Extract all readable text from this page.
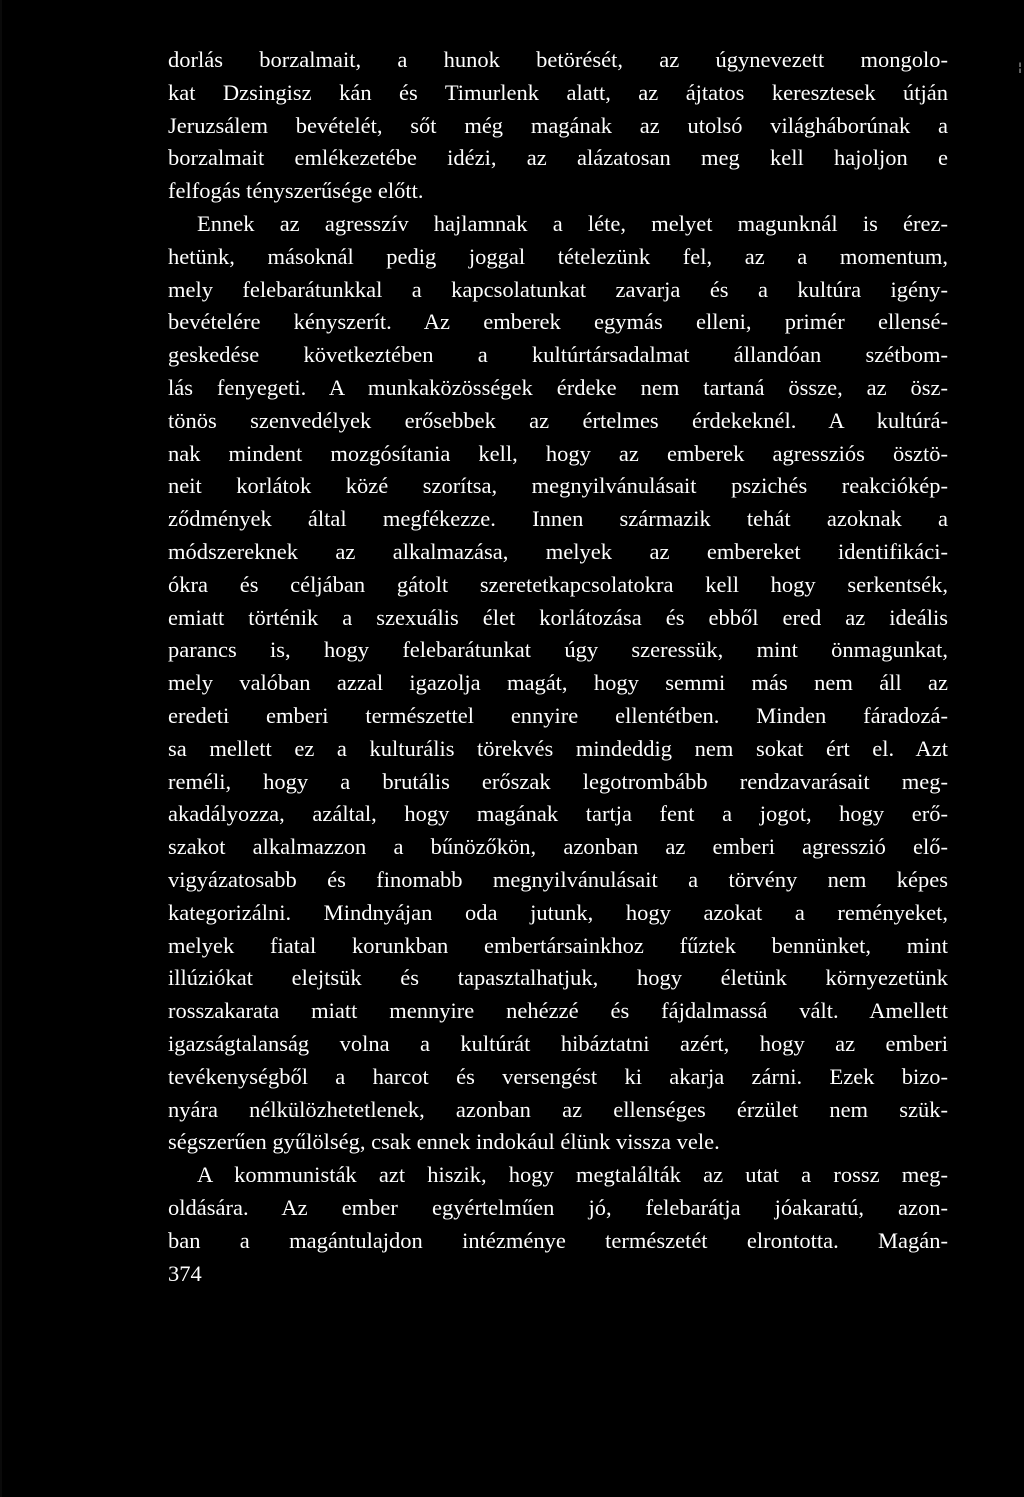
¦
dorlás borzalmait, a hunok betörését, az úgynevezett mongolo-
kat Dzsingisz kán és Timurlenk alatt, az ájtatos keresztesek útján
Jeruzsálem bevételét, sőt még magának az utolsó világháborúnak a
borzalmait emlékezetébe idézi, az alázatosan meg kell hajoljon e
felfogás tényszerűsége előtt.
Ennek az agresszív hajlamnak a léte, melyet magunknál is érez-
hetünk, másoknál pedig joggal tételezünk fel, az a momentum,
mely felebarátunkkal a kapcsolatunkat zavarja és a kultúra igény-
bevételére kényszerít. Az emberek egymás elleni, primér ellensé-
geskedése következtében a kultúrtársadalmat állandóan szétbom-
lás fenyegeti. A munkaközösségek érdeke nem tartaná össze, az ösz-
tönös szenvedélyek erősebbek az értelmes érdekeknél. A kultúrá-
nak mindent mozgósítania kell, hogy az emberek agressziós ösztö-
neit korlátok közé szorítsa, megnyilvánulásait pszichés reakciókép-
ződmények által megfékezze. Innen származik tehát azoknak a
módszereknek az alkalmazása, melyek az embereket identifikáci-
ókra és céljában gátolt szeretetkapcsolatokra kell hogy serkentsék,
emiatt történik a szexuális élet korlátozása és ebből ered az ideális
parancs is, hogy felebarátunkat úgy szeressük, mint önmagunkat,
mely valóban azzal igazolja magát, hogy semmi más nem áll az
eredeti emberi természettel ennyire ellentétben. Minden fáradozá-
sa mellett ez a kulturális törekvés mindeddig nem sokat ért el. Azt
reméli, hogy a brutális erőszak legotrombább rendzavarásait meg-
akadályozza, azáltal, hogy magának tartja fent a jogot, hogy erő-
szakot alkalmazzon a bűnözőkön, azonban az emberi agresszió elő-
vigyázatosabb és finomabb megnyilvánulásait a törvény nem képes
kategorizálni. Mindnyájan oda jutunk, hogy azokat a reményeket,
melyek fiatal korunkban embertársainkhoz fűztek bennünket, mint
illúziókat elejtsük és tapasztalhatjuk, hogy életünk környezetünk
rosszakarata miatt mennyire nehézzé és fájdalmassá vált. Amellett
igazságtalanság volna a kultúrát hibáztatni azért, hogy az emberi
tevékenységből a harcot és versengést ki akarja zárni. Ezek bizo-
nyára nélkülözhetetlenek, azonban az ellenséges érzület nem szük-
ségszerűen gyűlölség, csak ennek indokául élünk vissza vele.
A kommunisták azt hiszik, hogy megtalálták az utat a rossz meg-
oldására. Az ember egyértelműen jó, felebarátja jóakaratú, azon-
ban a magántulajdon intézménye természetét elrontotta. Magán-
374
